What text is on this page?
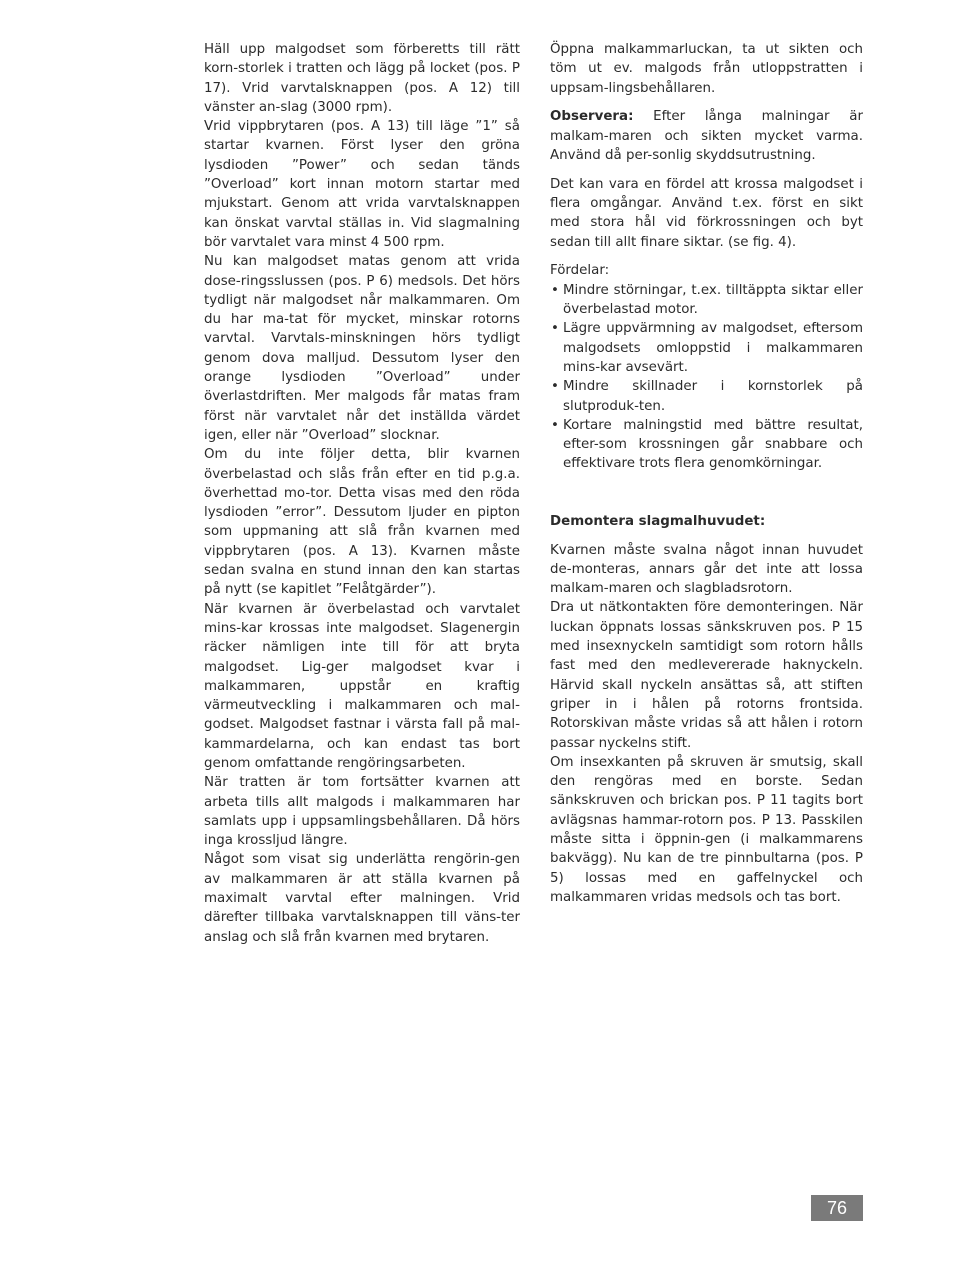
Häll upp malgodset som förberetts till rätt korn-storlek i tratten och lägg på locket (pos. P 17). Vrid varvtalsknappen (pos. A 12) till vänster an-slag (3000 rpm).

Vrid vippbrytaren (pos. A 13) till läge ”1” så startar kvarnen. Först lyser den gröna lysdioden ”Power” och sedan tänds ”Overload” kort innan motorn startar med mjukstart. Genom att vrida varvtalsknappen kan önskat varvtal ställas in. Vid slagmalning bör varvtalet vara minst 4 500 rpm.

Nu kan malgodset matas genom att vrida dose-ringsslussen (pos. P 6) medsols. Det hörs tydligt när malgodset når malkammaren. Om du har ma-tat för mycket, minskar rotorns varvtal. Varvtals-minskningen hörs tydligt genom dova malljud. Dessutom lyser den orange lysdioden ”Overload” under överlastdriften. Mer malgods får matas fram först när varvtalet når det inställda värdet igen, eller när ”Overload” slocknar.

Om du inte följer detta, blir kvarnen överbelastad och slås från efter en tid p.g.a. överhettad mo-tor. Detta visas med den röda lysdioden ”error”. Dessutom ljuder en pipton som uppmaning att slå från kvarnen med vippbrytaren (pos. A 13). Kvarnen måste sedan svalna en stund innan den kan startas på nytt (se kapitlet ”Felåtgärder”).

När kvarnen är överbelastad och varvtalet mins-kar krossas inte malgodset. Slagenergin räcker nämligen inte till för att bryta malgodset. Lig-ger malgodset kvar i malkammaren, uppstår en kraftig värmeutveckling i malkammaren och mal-godset. Malgodset fastnar i värsta fall på mal-kammardelarna, och kan endast tas bort genom omfattande rengöringsarbeten.

När tratten är tom fortsätter kvarnen att arbeta tills allt malgods i malkammaren har samlats upp i uppsamlingsbehållaren. Då hörs inga krossljud längre.

Något som visat sig underlätta rengörin-gen av malkammaren är att ställa kvarnen på maximalt varvtal efter malningen. Vrid därefter tillbaka varvtalsknappen till väns-ter anslag och slå från kvarnen med brytaren.

Öppna malkammarluckan, ta ut sikten och töm ut ev. malgods från utloppstratten i uppsam-lingsbehållaren.

Observera: Efter långa malningar är malkam-maren och sikten mycket varma. Använd då per-sonlig skyddsutrustning.

Det kan vara en fördel att krossa malgodset i flera omgångar. Använd t.ex. först en sikt med stora hål vid förkrossningen och byt sedan till allt finare siktar. (se fig. 4).

Fördelar:

• Mindre störningar, t.ex. tilltäppta siktar eller överbelastad motor.
• Lägre uppvärmning av malgodset, eftersom malgodsets omloppstid i malkammaren mins-kar avsevärt.
• Mindre skillnader i kornstorlek på slutproduk-ten.
• Kortare malningstid med bättre resultat, efter-som krossningen går snabbare och effektivare trots flera genomkörningar.

Demontera slagmalhuvudet:

Kvarnen måste svalna något innan huvudet de-monteras, annars går det inte att lossa malkam-maren och slagbladsrotorn.

Dra ut nätkontakten före demonteringen. När luckan öppnats lossas sänkskruven pos. P 15 med insexnyckeln samtidigt som rotorn hålls fast med den medlevererade haknyckeln. Härvid skall nyckeln ansättas så, att stiften griper in i hålen på rotorns frontsida. Rotorskivan måste vridas så att hålen i rotorn passar nyckelns stift.

Om insexkanten på skruven är smutsig, skall den rengöras med en borste. Sedan sänkskruven och brickan pos. P 11 tagits bort avlägsnas hammar-rotorn pos. P 13. Passkilen måste sitta i öppnin-gen (i malkammarens bakvägg). Nu kan de tre pinnbultarna (pos. P 5) lossas med en gaffelnyckel och malkammaren vridas medsols och tas bort.

76
